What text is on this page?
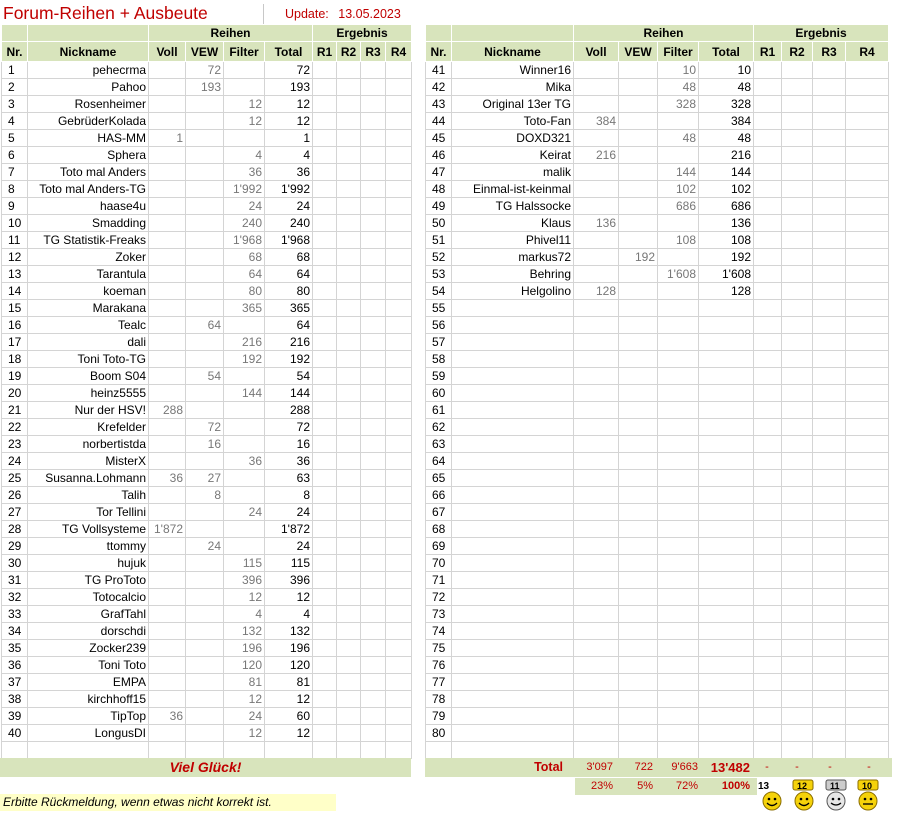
Forum-Reihen + Ausbeute	Update: 13.05.2023
		Reihen				Ergebnis			
Nr.	Nickname	Voll	VEW	Filter	Total	R1	R2	R3	R4
1	pehecrma		72		72				
2	Pahoo		193		193				
3	Rosenheimer			12	12				
4	GebrüderKolada			12	12				
5	HAS-MM	1			1				
6	Sphera			4	4				
7	Toto mal Anders			36	36				
8	Toto mal Anders-TG			1'992	1'992				
9	haase4u			24	24				
10	Smadding			240	240				
11	TG Statistik-Freaks			1'968	1'968				
12	Zoker			68	68				
13	Tarantula			64	64				
14	koeman			80	80				
15	Marakana			365	365				
16	Tealc		64		64				
17	dali			216	216				
18	Toni Toto-TG			192	192				
19	Boom S04		54		54				
20	heinz5555			144	144				
21	Nur der HSV!	288			288				
22	Krefelder		72		72				
23	norbertistda		16		16				
24	MisterX			36	36				
25	Susanna.Lohmann	36	27		63				
26	Talih		8		8				
27	Tor Tellini			24	24				
28	TG Vollsysteme	1'872			1'872				
29	ttommy		24		24				
30	hujuk			115	115				
31	TG ProToto			396	396				
32	Totocalcio			12	12				
33	GrafTahl			4	4				
34	dorschdi			132	132				
35	Zocker239			196	196				
36	Toni Toto			120	120				
37	EMPA			81	81				
38	kirchhoff15			12	12				
39	TipTop	36		24	60				
40	LongusDI			12	12				

		Reihen				Ergebnis			
Nr.	Nickname	Voll	VEW	Filter	Total	R1	R2	R3	R4
41	Winner16			10	10				
42	Mika			48	48				
43	Original 13er TG			328	328				
44	Toto-Fan	384			384				
45	DOXD321			48	48				
46	Keirat	216			216				
47	malik			144	144				
48	Einmal-ist-keinmal			102	102				
49	TG Halssocke			686	686				
50	Klaus	136			136				
51	Phivel11			108	108				
52	markus72		192		192				
53	Behring			1'608	1'608				
54	Helgolino	128			128				
55									
56									
57									
58									
59									
60									
61									
62									
63									
64									
65									
66									
67									
68									
69									
70									
71									
72									
73									
74									
75									
76									
77									
78									
79									
80									

Viel Glück!	Total	3'097	722	9'663 13'482	-	-	-	-
23%	5%	72%	100%
Erbitte Rückmeldung, wenn etwas nicht korrekt ist.
13	12	11 10
